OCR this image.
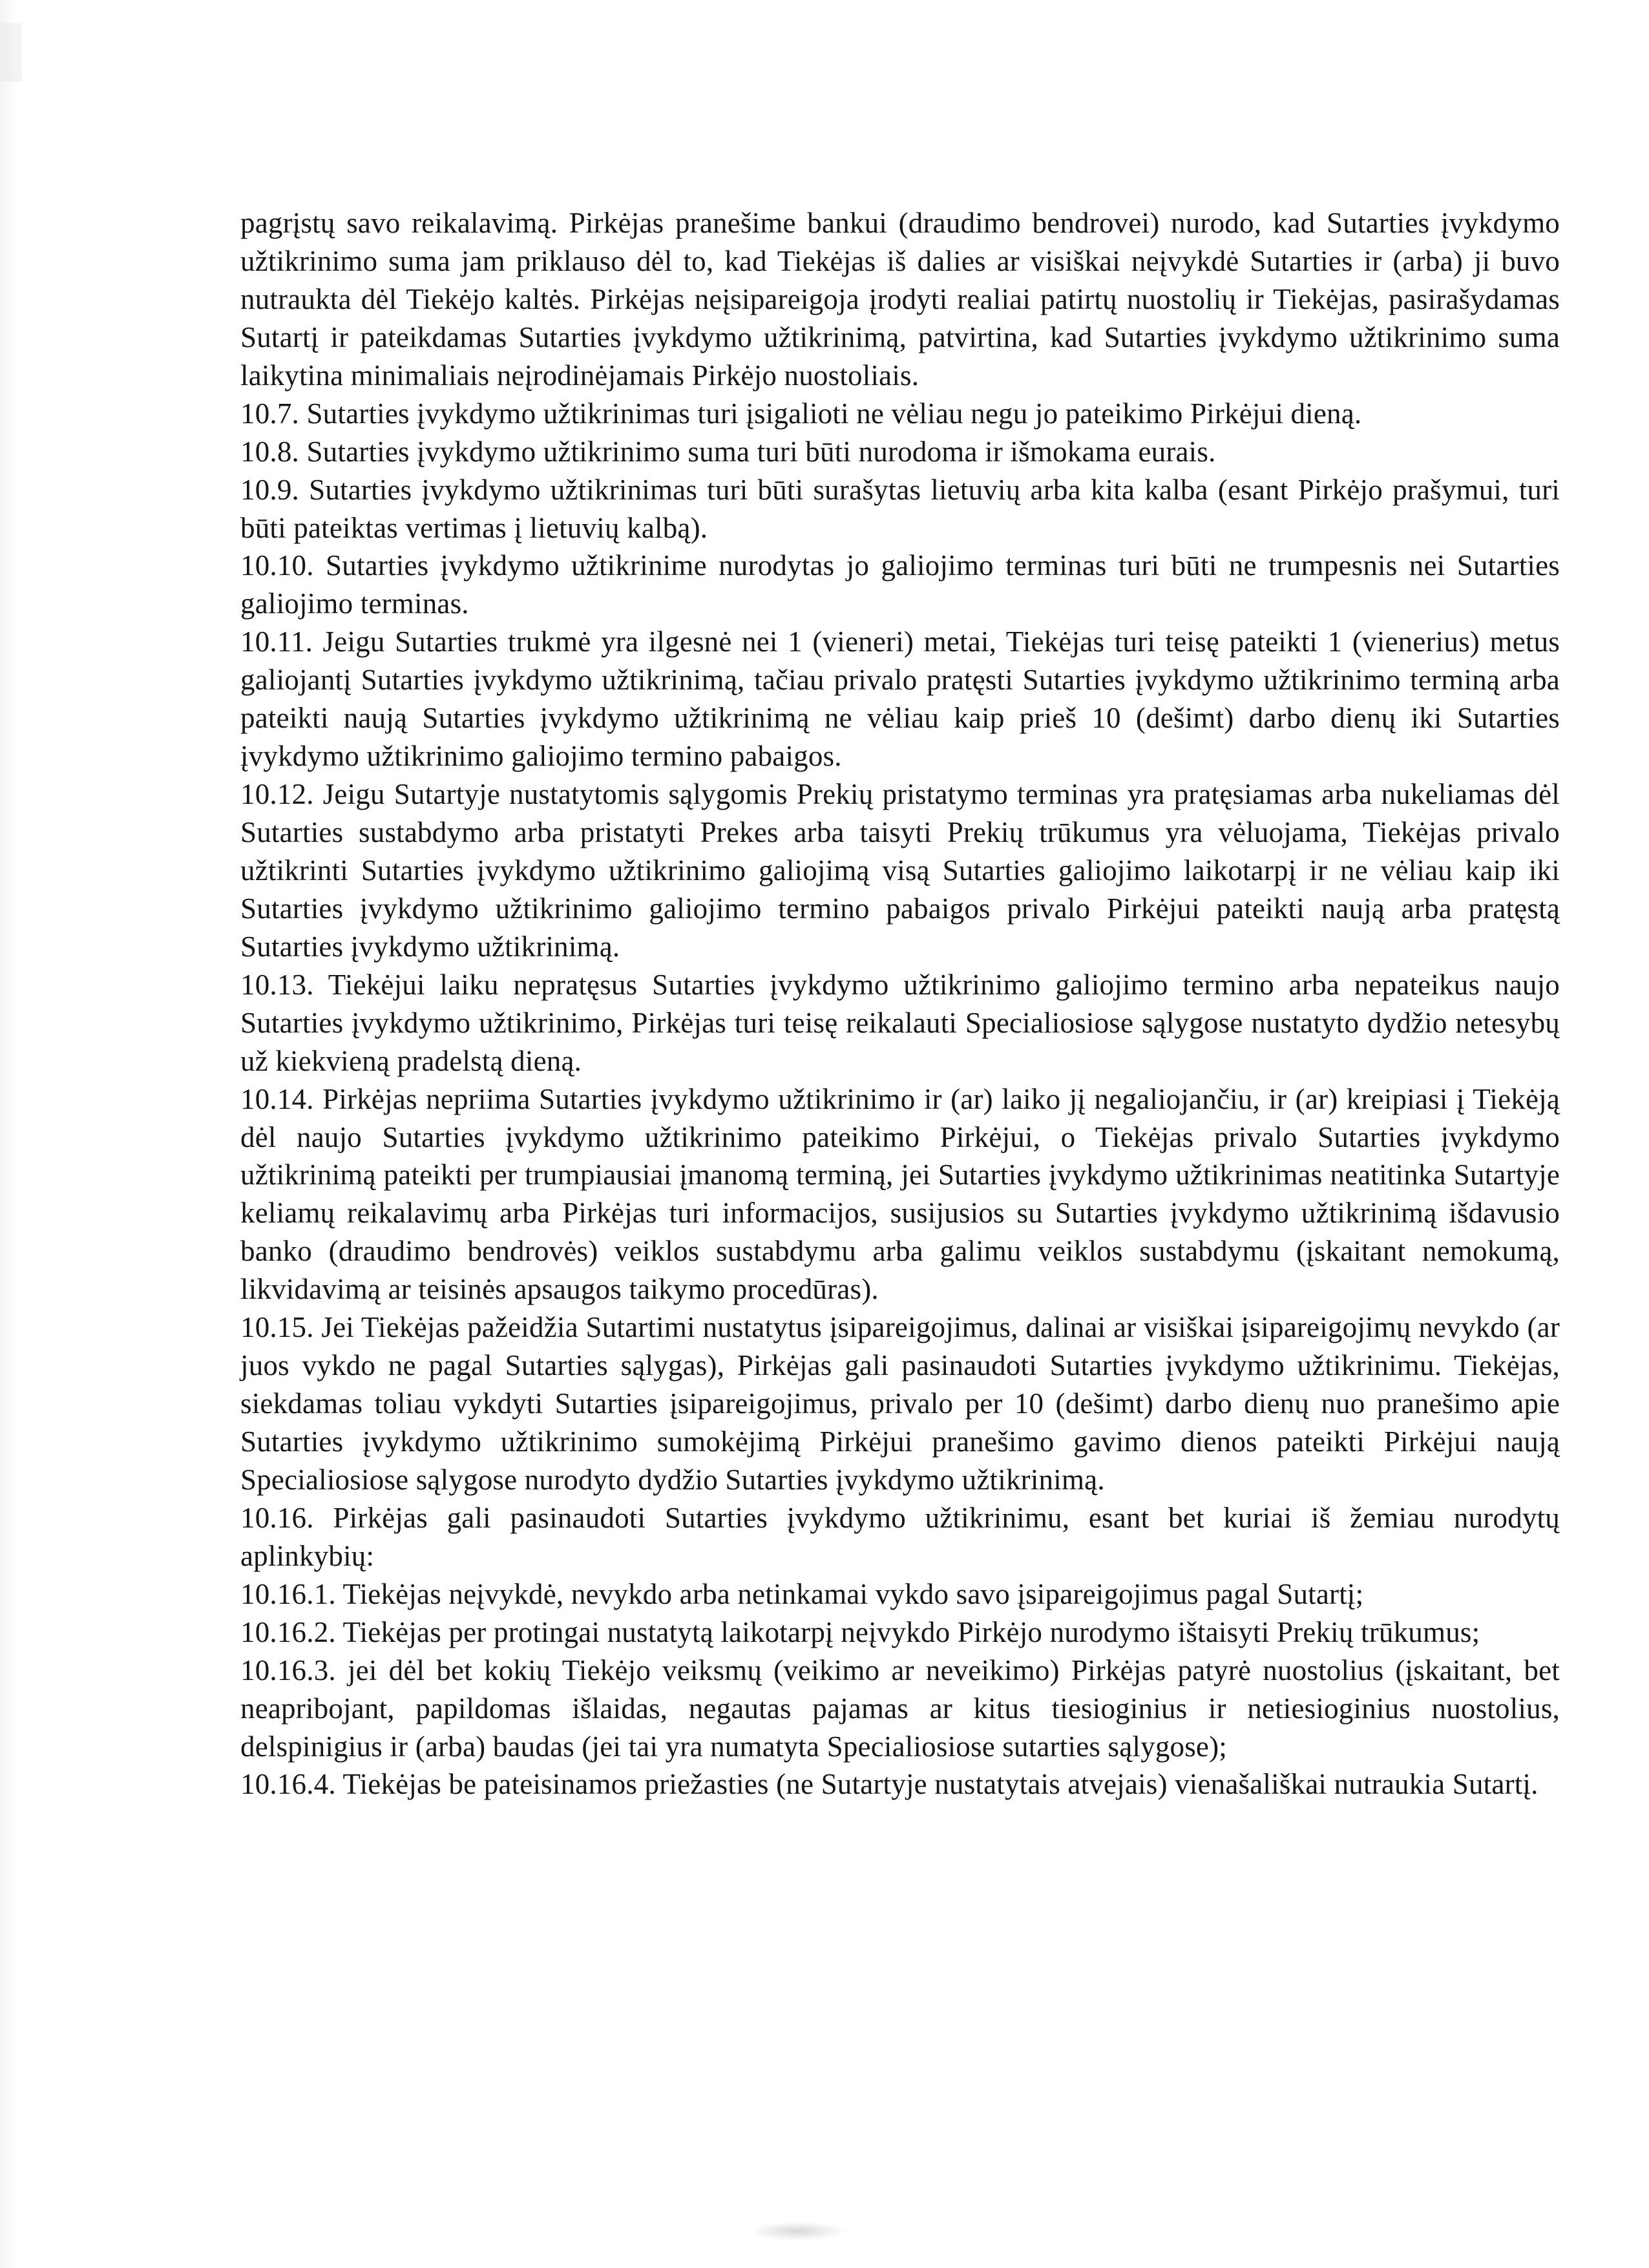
pagrįstų savo reikalavimą. Pirkėjas pranešime bankui (draudimo bendrovei) nurodo, kad Sutarties įvykdymo užtikrinimo suma jam priklauso dėl to, kad Tiekėjas iš dalies ar visiškai neįvykdė Sutarties ir (arba) ji buvo nutraukta dėl Tiekėjo kaltės. Pirkėjas neįsipareigoja įrodyti realiai patirtų nuostolių ir Tiekėjas, pasirašydamas Sutartį ir pateikdamas Sutarties įvykdymo užtikrinimą, patvirtina, kad Sutarties įvykdymo užtikrinimo suma laikytina minimaliais neįrodinėjamais Pirkėjo nuostoliais.

10.7. Sutarties įvykdymo užtikrinimas turi įsigalioti ne vėliau negu jo pateikimo Pirkėjui dieną.

10.8. Sutarties įvykdymo užtikrinimo suma turi būti nurodoma ir išmokama eurais.

10.9. Sutarties įvykdymo užtikrinimas turi būti surašytas lietuvių arba kita kalba (esant Pirkėjo prašymui, turi būti pateiktas vertimas į lietuvių kalbą).

10.10. Sutarties įvykdymo užtikrinime nurodytas jo galiojimo terminas turi būti ne trumpesnis nei Sutarties galiojimo terminas.

10.11. Jeigu Sutarties trukmė yra ilgesnė nei 1 (vieneri) metai, Tiekėjas turi teisę pateikti 1 (vienerius) metus galiojantį Sutarties įvykdymo užtikrinimą, tačiau privalo pratęsti Sutarties įvykdymo užtikrinimo terminą arba pateikti naują Sutarties įvykdymo užtikrinimą ne vėliau kaip prieš 10 (dešimt) darbo dienų iki Sutarties įvykdymo užtikrinimo galiojimo termino pabaigos.

10.12. Jeigu Sutartyje nustatytomis sąlygomis Prekių pristatymo terminas yra pratęsiamas arba nukeliamas dėl Sutarties sustabdymo arba pristatyti Prekes arba taisyti Prekių trūkumus yra vėluojama, Tiekėjas privalo užtikrinti Sutarties įvykdymo užtikrinimo galiojimą visą Sutarties galiojimo laikotarpį ir ne vėliau kaip iki Sutarties įvykdymo užtikrinimo galiojimo termino pabaigos privalo Pirkėjui pateikti naują arba pratęstą Sutarties įvykdymo užtikrinimą.

10.13. Tiekėjui laiku nepratęsus Sutarties įvykdymo užtikrinimo galiojimo termino arba nepateikus naujo Sutarties įvykdymo užtikrinimo, Pirkėjas turi teisę reikalauti Specialiosiose sąlygose nustatyto dydžio netesybų už kiekvieną pradelstą dieną.

10.14. Pirkėjas nepriima Sutarties įvykdymo užtikrinimo ir (ar) laiko jį negaliojančiu, ir (ar) kreipiasi į Tiekėją dėl naujo Sutarties įvykdymo užtikrinimo pateikimo Pirkėjui, o Tiekėjas privalo Sutarties įvykdymo užtikrinimą pateikti per trumpiausiai įmanomą terminą, jei Sutarties įvykdymo užtikrinimas neatitinka Sutartyje keliamų reikalavimų arba Pirkėjas turi informacijos, susijusios su Sutarties įvykdymo užtikrinimą išdavusio banko (draudimo bendrovės) veiklos sustabdymu arba galimu veiklos sustabdymu (įskaitant nemokumą, likvidavimą ar teisinės apsaugos taikymo procedūras).

10.15. Jei Tiekėjas pažeidžia Sutartimi nustatytus įsipareigojimus, dalinai ar visiškai įsipareigojimų nevykdo (ar juos vykdo ne pagal Sutarties sąlygas), Pirkėjas gali pasinaudoti Sutarties įvykdymo užtikrinimu. Tiekėjas, siekdamas toliau vykdyti Sutarties įsipareigojimus, privalo per 10 (dešimt) darbo dienų nuo pranešimo apie Sutarties įvykdymo užtikrinimo sumokėjimą Pirkėjui pranešimo gavimo dienos pateikti Pirkėjui naują Specialiosiose sąlygose nurodyto dydžio Sutarties įvykdymo užtikrinimą.

10.16. Pirkėjas gali pasinaudoti Sutarties įvykdymo užtikrinimu, esant bet kuriai iš žemiau nurodytų aplinkybių:

10.16.1. Tiekėjas neįvykdė, nevykdo arba netinkamai vykdo savo įsipareigojimus pagal Sutartį;

10.16.2. Tiekėjas per protingai nustatytą laikotarpį neįvykdo Pirkėjo nurodymo ištaisyti Prekių trūkumus;

10.16.3. jei dėl bet kokių Tiekėjo veiksmų (veikimo ar neveikimo) Pirkėjas patyrė nuostolius (įskaitant, bet neapribojant, papildomas išlaidas, negautas pajamas ar kitus tiesioginius ir netiesioginius nuostolius, delspinigius ir (arba) baudas (jei tai yra numatyta Specialiosiose sutarties sąlygose);

10.16.4. Tiekėjas be pateisinamos priežasties (ne Sutartyje nustatytais atvejais) vienašališkai nutraukia Sutartį.
